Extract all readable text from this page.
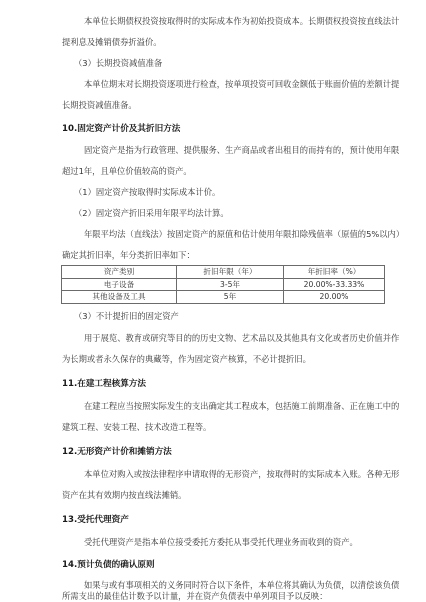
本单位长期债权投资按取得时的实际成本作为初始投资成本。长期债权投资按直线法计
提利息及摊销债券折溢价。
（3）长期投资减值准备
本单位期末对长期投资逐项进行检查，按单项投资可回收金额低于账面价值的差额计提
长期投资减值准备。
10.固定资产计价及其折旧方法
固定资产是指为行政管理、提供服务、生产商品或者出租目的而持有的，预计使用年限
超过1年，且单位价值较高的资产。
（1）固定资产按取得时实际成本计价。
（2）固定资产折旧采用年限平均法计算。
年限平均法（直线法）按固定资产的原值和估计使用年限扣除残值率（原值的5%以内）
确定其折旧率，年分类折旧率如下：
资产类别	折旧年限（年）	年折旧率（%）
电子设备	3-5年	20.00%-33.33%
其他设备及工具	5年	20.00%
（3）不计提折旧的固定资产
用于展览、教育或研究等目的的历史文物、艺术品以及其他具有文化或者历史价值并作
为长期或者永久保存的典藏等，作为固定资产核算，不必计提折旧。
11.在建工程核算方法
在建工程应当按照实际发生的支出确定其工程成本，包括施工前期准备、正在施工中的
建筑工程、安装工程、技术改造工程等。
12.无形资产计价和摊销方法
本单位对购入或按法律程序申请取得的无形资产，按取得时的实际成本入账。各种无形
资产在其有效期内按直线法摊销。
13.受托代理资产
受托代理资产是指本单位接受委托方委托从事受托代理业务而收到的资产。
14.预计负债的确认原则
如果与或有事项相关的义务同时符合以下条件，本单位将其确认为负债，以清偿该负债
所需支出的最佳估计数予以计量，并在资产负债表中单列项目予以反映：
